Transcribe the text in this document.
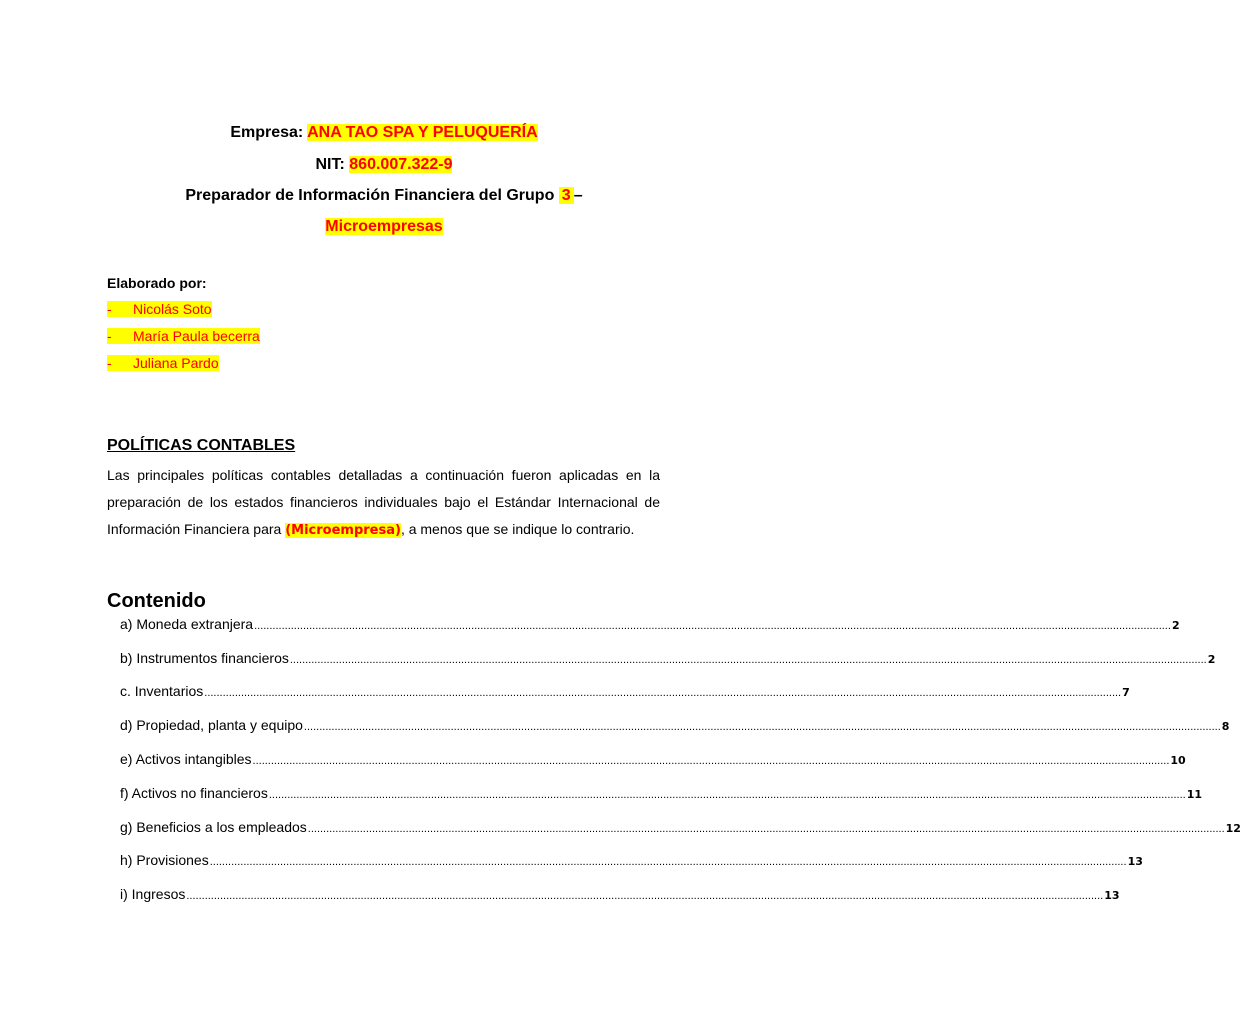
Empresa: ANA TAO SPA Y PELUQUERÍA
NIT: 860.007.322-9
Preparador de Información Financiera del Grupo 3 –
Microempresas
Elaborado por:
- Nicolás Soto
- María Paula becerra
- Juliana Pardo
POLÍTICAS CONTABLES
Las principales políticas contables detalladas a continuación fueron aplicadas en la preparación de los estados financieros individuales bajo el Estándar Internacional de Información Financiera para (Microempresa), a menos que se indique lo contrario.
Contenido
a) Moneda extranjera ............................................................................................................................................................................................................................................................................................................ 2
b) Instrumentos financieros ............................................................................................................................................................................................................................................................................................................ 2
c. Inventarios ............................................................................................................................................................................................................................................................................................................ 7
d) Propiedad, planta y equipo ............................................................................................................................................................................................................................................................................................................ 8
e) Activos intangibles ............................................................................................................................................................................................................................................................................................................ 10
f) Activos no financieros ............................................................................................................................................................................................................................................................................................................ 11
g) Beneficios a los empleados ............................................................................................................................................................................................................................................................................................................ 12
h) Provisiones ............................................................................................................................................................................................................................................................................................................ 13
i) Ingresos ............................................................................................................................................................................................................................................................................................................ 13
